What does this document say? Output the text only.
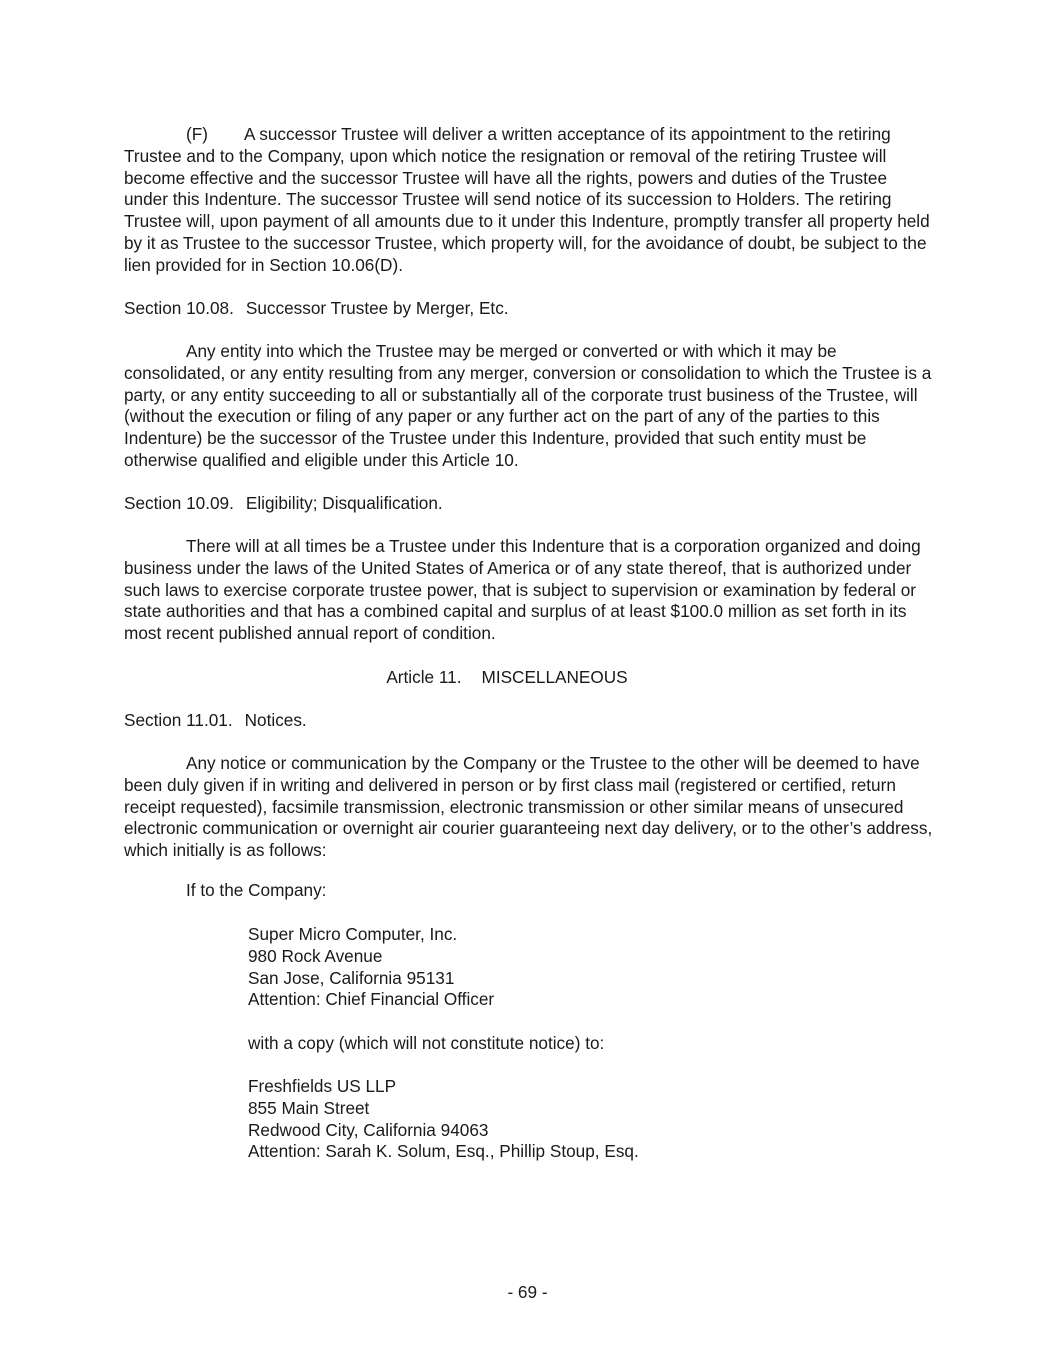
(F) A successor Trustee will deliver a written acceptance of its appointment to the retiring Trustee and to the Company, upon which notice the resignation or removal of the retiring Trustee will become effective and the successor Trustee will have all the rights, powers and duties of the Trustee under this Indenture. The successor Trustee will send notice of its succession to Holders. The retiring Trustee will, upon payment of all amounts due to it under this Indenture, promptly transfer all property held by it as Trustee to the successor Trustee, which property will, for the avoidance of doubt, be subject to the lien provided for in Section 10.06(D).

Section 10.08. Successor Trustee by Merger, Etc.

Any entity into which the Trustee may be merged or converted or with which it may be consolidated, or any entity resulting from any merger, conversion or consolidation to which the Trustee is a party, or any entity succeeding to all or substantially all of the corporate trust business of the Trustee, will (without the execution or filing of any paper or any further act on the part of any of the parties to this Indenture) be the successor of the Trustee under this Indenture, provided that such entity must be otherwise qualified and eligible under this Article 10.

Section 10.09. Eligibility; Disqualification.

There will at all times be a Trustee under this Indenture that is a corporation organized and doing business under the laws of the United States of America or of any state thereof, that is authorized under such laws to exercise corporate trustee power, that is subject to supervision or examination by federal or state authorities and that has a combined capital and surplus of at least $100.0 million as set forth in its most recent published annual report of condition.

Article 11. MISCELLANEOUS

Section 11.01. Notices.

Any notice or communication by the Company or the Trustee to the other will be deemed to have been duly given if in writing and delivered in person or by first class mail (registered or certified, return receipt requested), facsimile transmission, electronic transmission or other similar means of unsecured electronic communication or overnight air courier guaranteeing next day delivery, or to the other’s address, which initially is as follows:

If to the Company:

Super Micro Computer, Inc.
980 Rock Avenue
San Jose, California 95131
Attention: Chief Financial Officer

with a copy (which will not constitute notice) to:

Freshfields US LLP
855 Main Street
Redwood City, California 94063
Attention: Sarah K. Solum, Esq., Phillip Stoup, Esq.
- 69 -
